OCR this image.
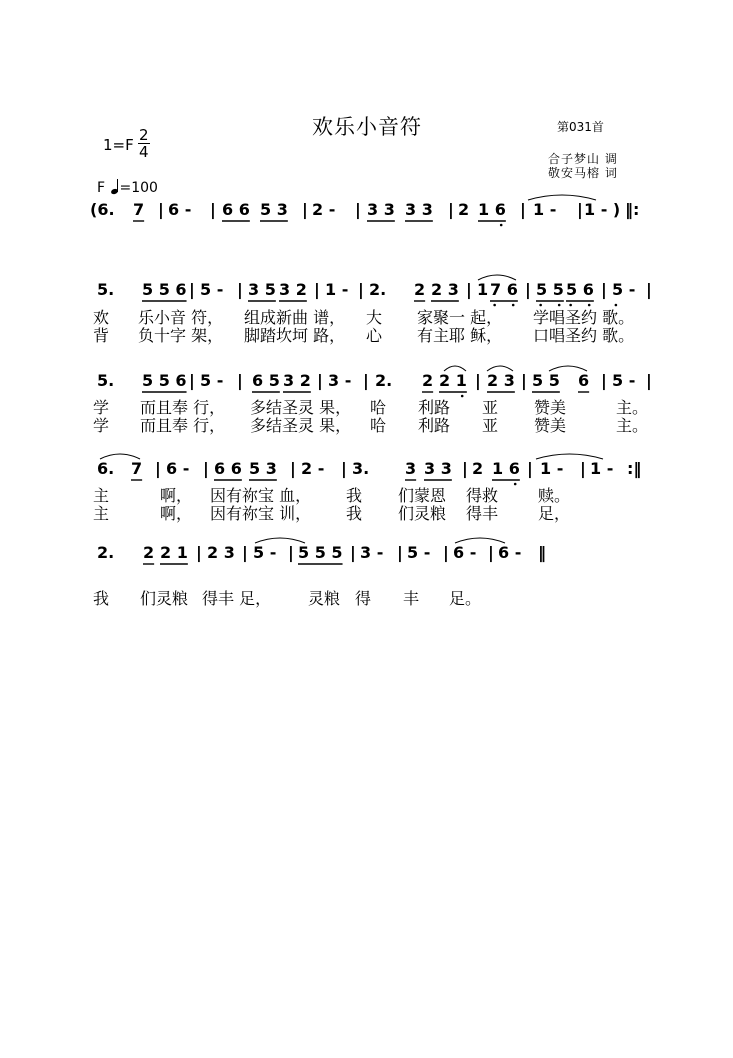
欢乐小音符	第031首
合子梦山 调
敬安马榕 词
1=F
2
4
F =100
(6. 7 | 6 - | 6 6 5 3 | 2 - | 3 3 3 3 | 2 1 6 | 1 - | 1 - ) ‖:
5. 5 5 6 | 5 - | 3 5 3 2 | 1 - | 2. 2 2 3 | 1 7 6 | 5 5 5 6 | 5 - |
5. 5 5 6 | 5 - | 6 5 3 2 | 3 - | 2. 2 2 1 | 2 3 | 5 5 6 | 5 - |
6. 7 | 6 - | 6 6 5 3 | 2 - | 3. 3 3 3 | 2 1 6 | 1 - | 1 - :‖
2. 2 2 1 | 2 3 | 5 - | 5 5 5 | 3 - | 5 - | 6 - | 6 - ‖
欢 乐小音 符， 组成新曲 谱， 大 家聚一 起， 学唱圣约 歌。
背 负十字 架， 脚踏坎坷 路， 心 有主耶 稣， 口唱圣约 歌。
学 而且奉 行， 多结圣灵 果， 哈 利路 亚 赞美	主。
学 而且奉 行， 多结圣灵 果， 哈 利路 亚 赞美	主。
主	啊， 因有祢宝 血， 我 们蒙恩 得救 赎。
主	啊， 因有祢宝 训， 我 们灵粮 得丰 足，
我 们灵粮 得丰 足， 灵粮 得 丰 足。
